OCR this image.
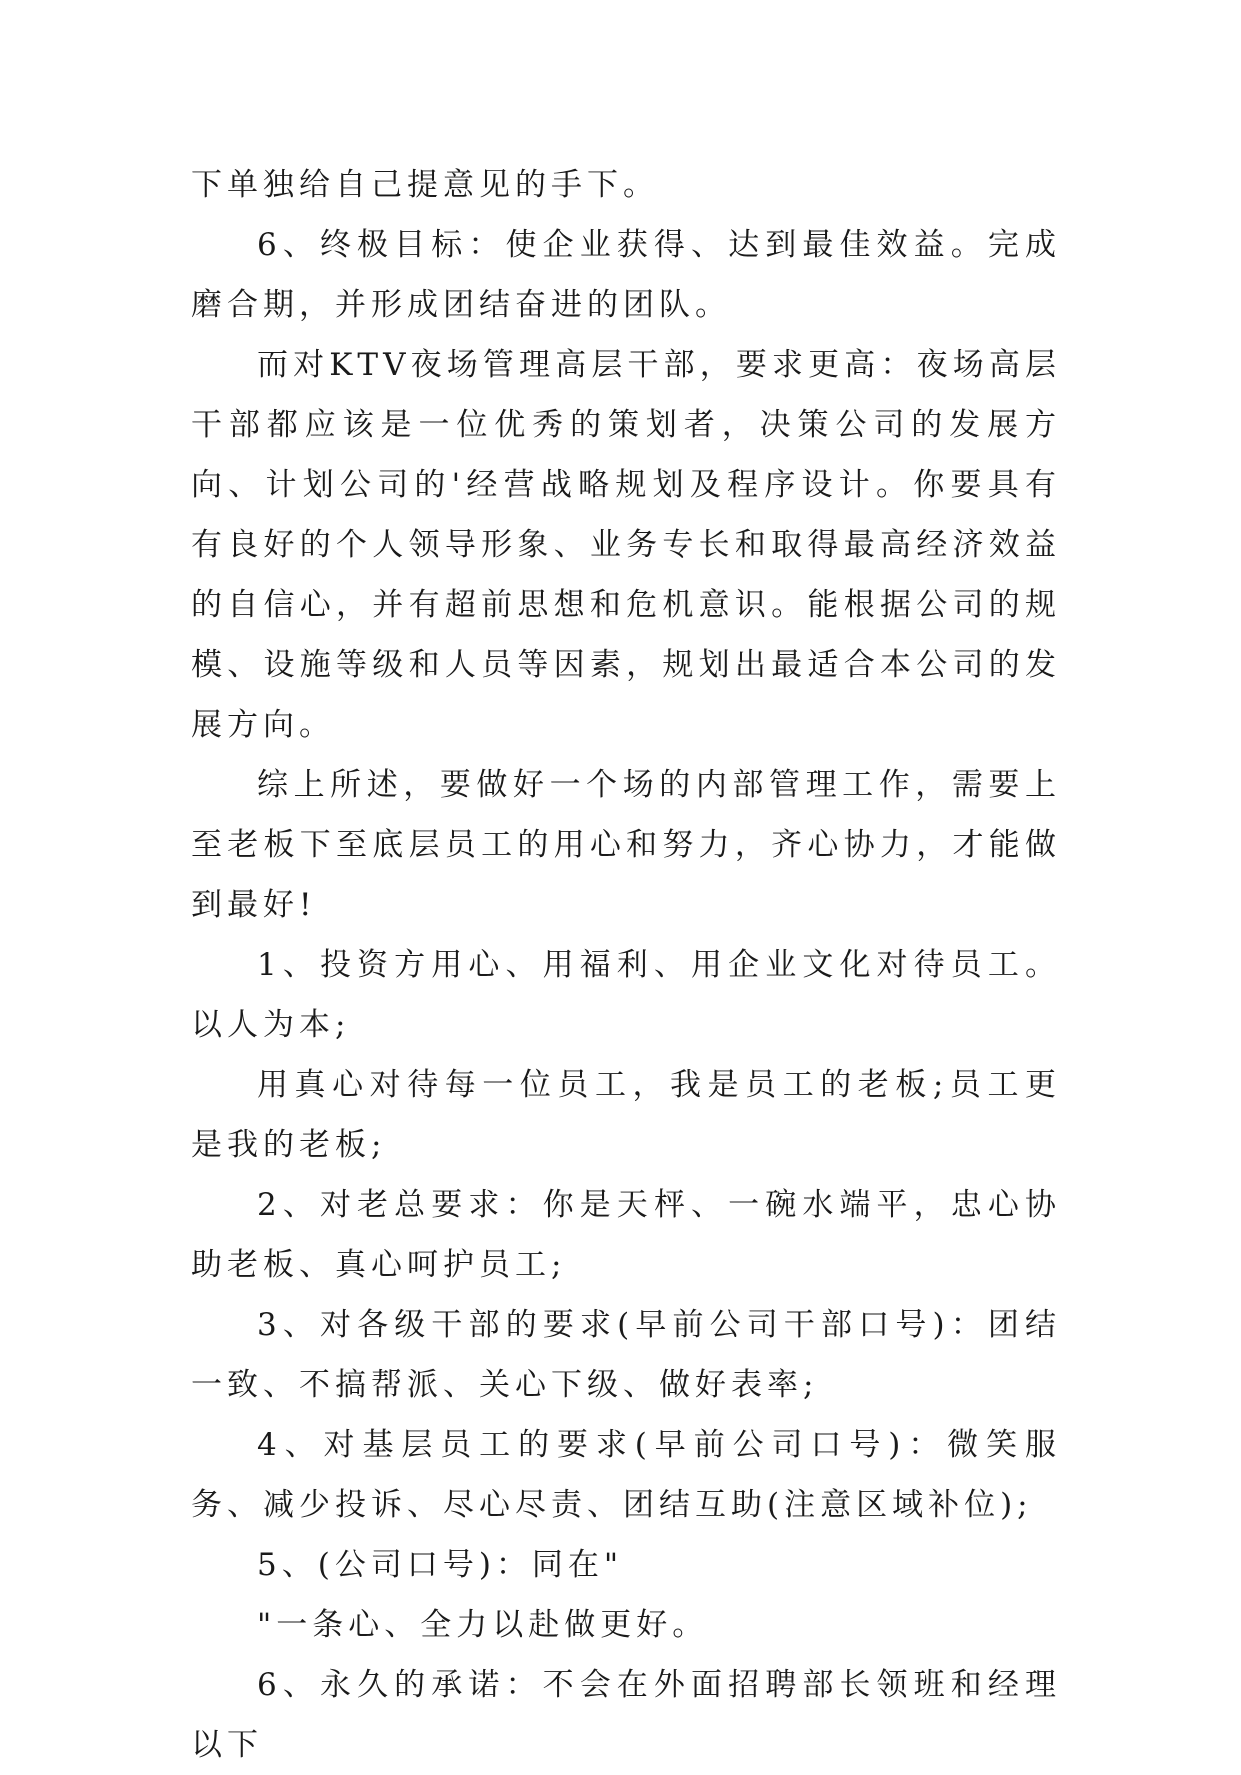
下单独给自己提意见的手下。

6、终极目标：使企业获得、达到最佳效益。完成磨合期，并形成团结奋进的团队。

而对KTV夜场管理高层干部，要求更高：夜场高层干部都应该是一位优秀的策划者，决策公司的发展方向、计划公司的'经营战略规划及程序设计。你要具有有良好的个人领导形象、业务专长和取得最高经济效益的自信心，并有超前思想和危机意识。能根据公司的规模、设施等级和人员等因素，规划出最适合本公司的发展方向。

综上所述，要做好一个场的内部管理工作，需要上至老板下至底层员工的用心和努力，齐心协力，才能做到最好!

1、投资方用心、用福利、用企业文化对待员工。以人为本;

用真心对待每一位员工，我是员工的老板;员工更是我的老板;

2、对老总要求：你是天枰、一碗水端平，忠心协助老板、真心呵护员工;

3、对各级干部的要求(早前公司干部口号)：团结一致、不搞帮派、关心下级、做好表率;

4、对基层员工的要求(早前公司口号)：微笑服务、减少投诉、尽心尽责、团结互助(注意区域补位);

5、(公司口号)：同在"

"一条心、全力以赴做更好。

6、永久的承诺：不会在外面招聘部长领班和经理以下
